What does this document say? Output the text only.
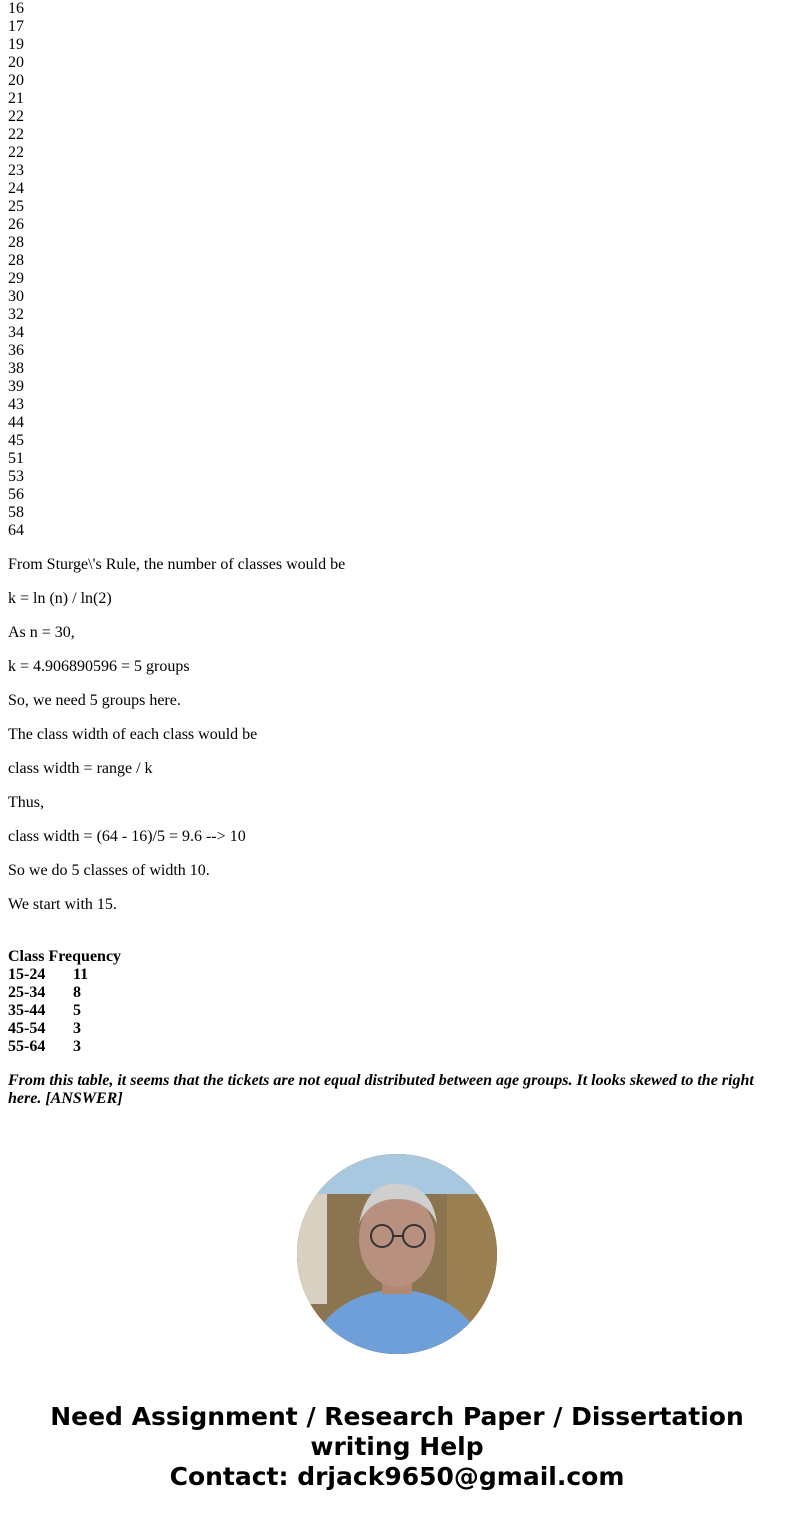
16
17
19
20
20
21
22
22
22
23
24
25
26
28
28
29
30
32
34
36
38
39
43
44
45
51
53
56
58
64

From Sturge\'s Rule, the number of classes would be

k = ln (n) / ln(2)

As n = 30,

k = 4.906890596 = 5 groups

So, we need 5 groups here.

The class width of each class would be

class width = range / k

Thus,

class width = (64 - 16)/5 = 9.6 --> 10

So we do 5 classes of width 10.

We start with 15.

Class Frequency
15-24 11
25-34 8
35-44 5
45-54 3
55-64 3

From this table, it seems that the tickets are not equal distributed between age groups. It looks skewed to the right here. [ANSWER]

Need Assignment / Research Paper / Dissertation writing Help
Contact: drjack9650@gmail.com
